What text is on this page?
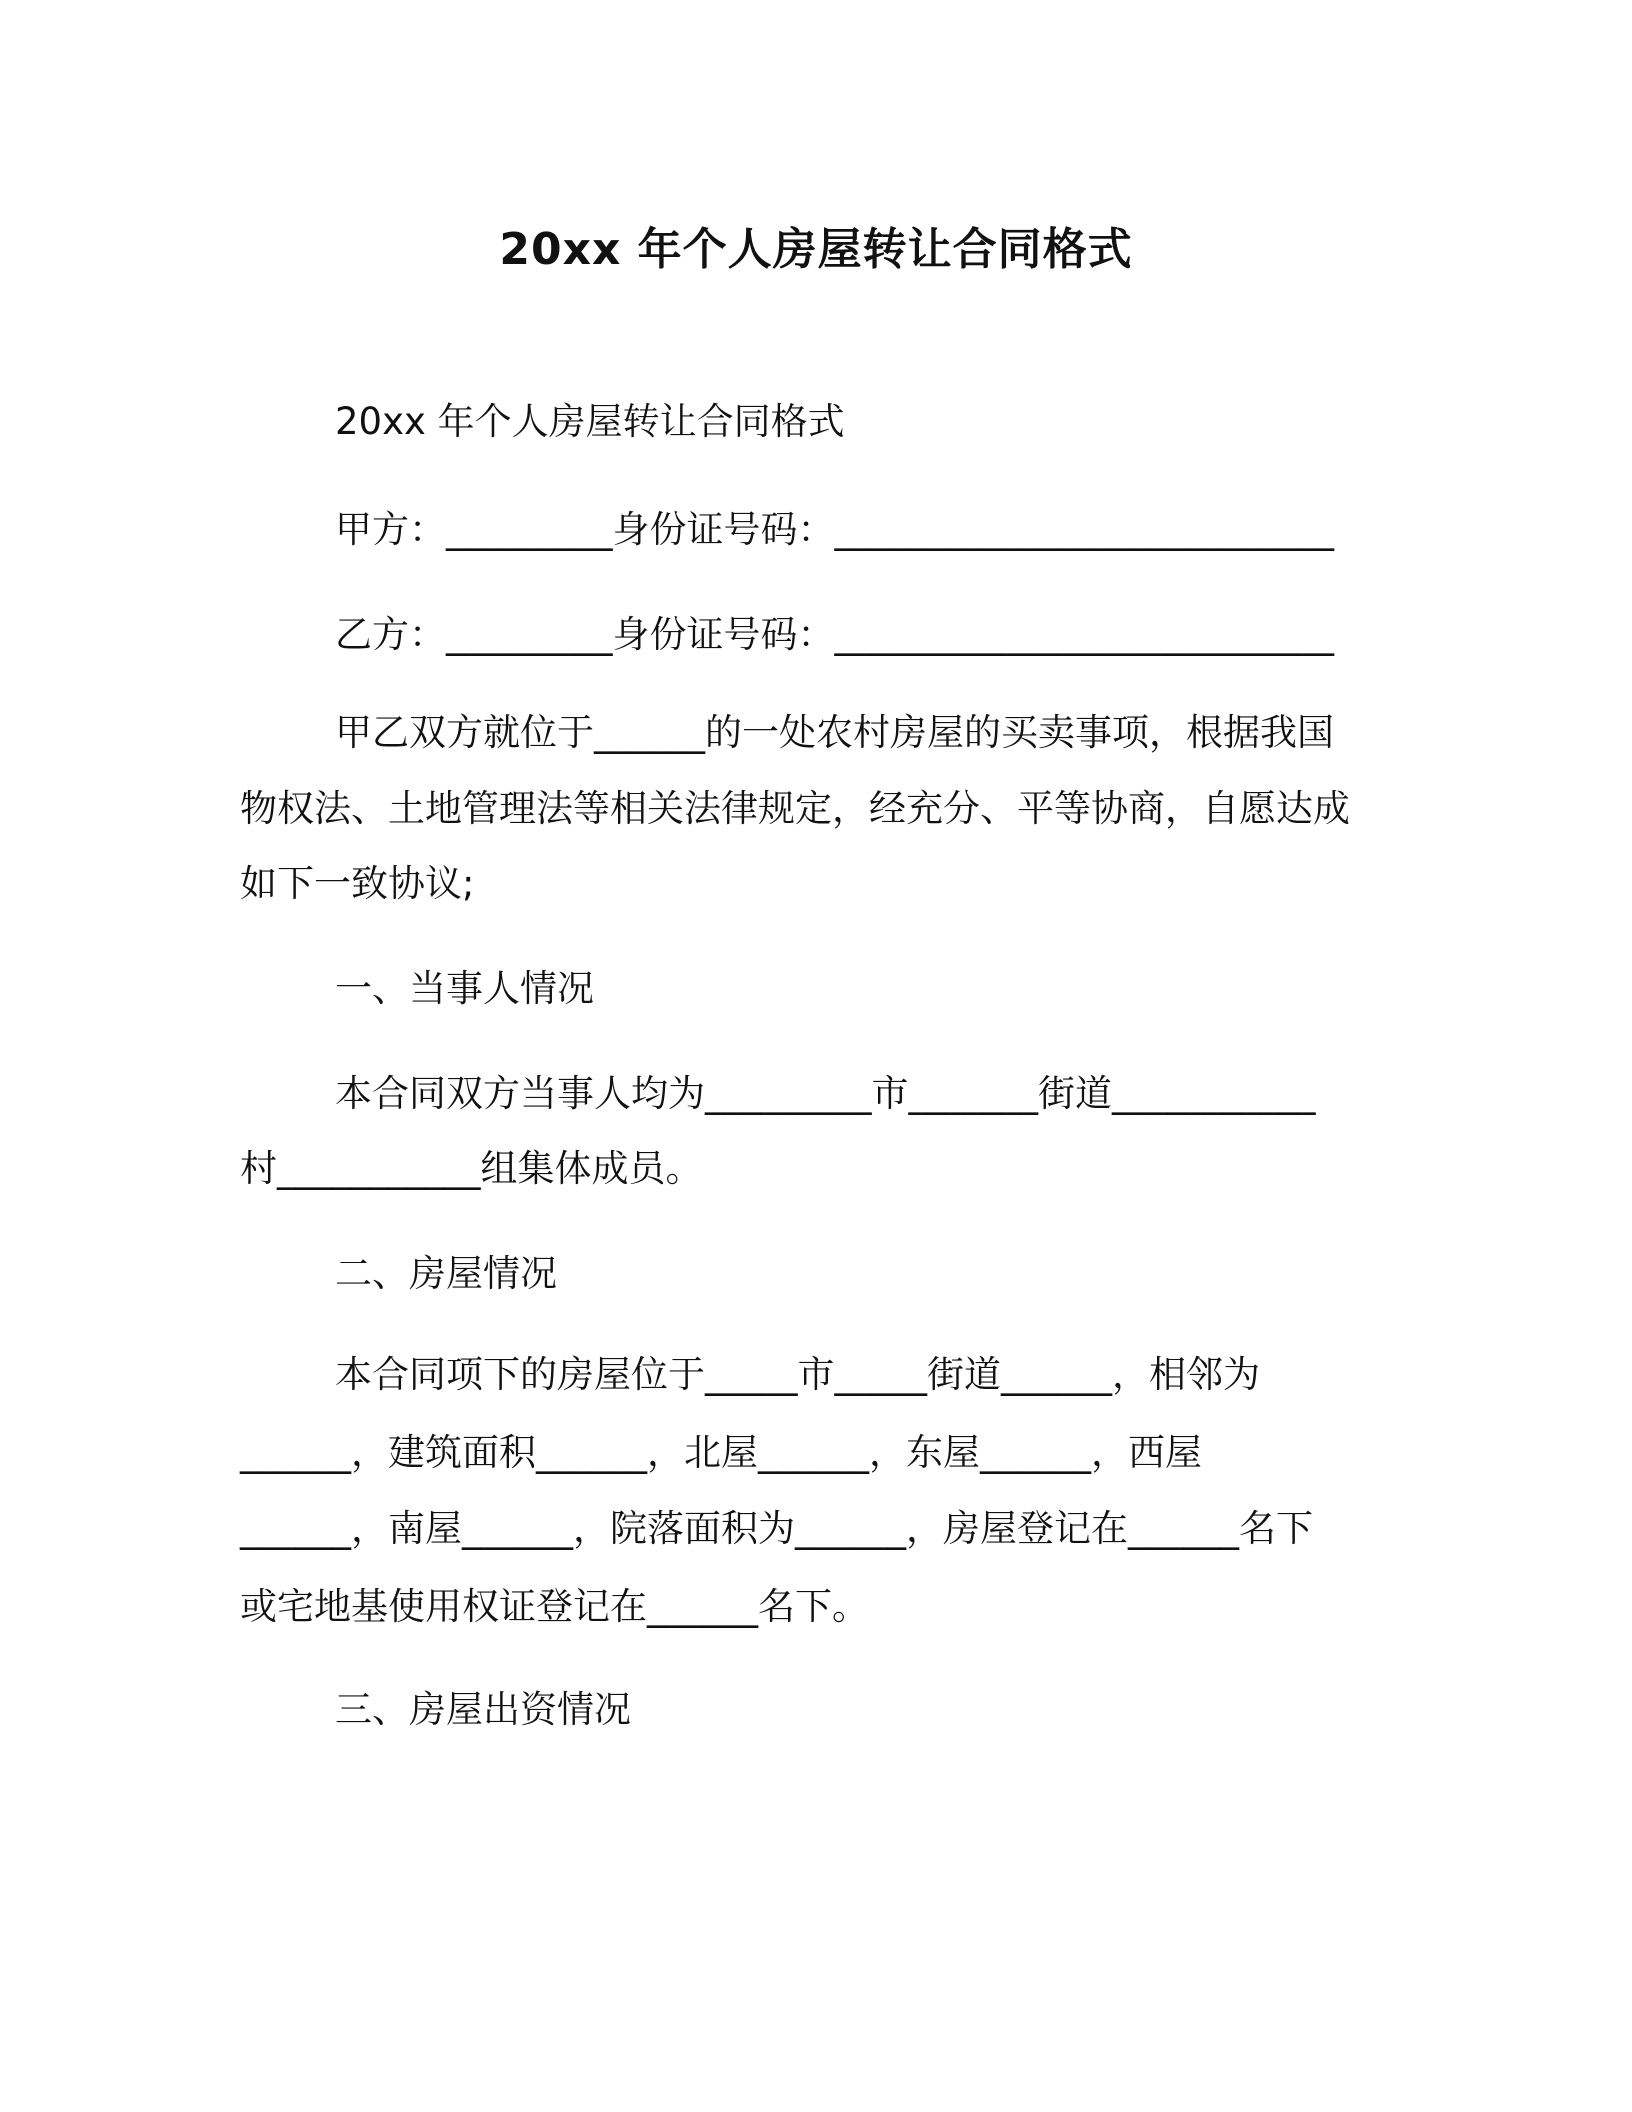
20xx 年个人房屋转让合同格式
20xx 年个人房屋转让合同格式
甲方：_________身份证号码：___________________________
乙方：_________身份证号码：___________________________
甲乙双方就位于______的一处农村房屋的买卖事项，根据我国
物权法、土地管理法等相关法律规定，经充分、平等协商，自愿达成
如下一致协议;
一、当事人情况
本合同双方当事人均为_________市_______街道___________
村___________组集体成员。
二、房屋情况
本合同项下的房屋位于_____市_____街道______，相邻为
______，建筑面积______，北屋______，东屋______，西屋
______，南屋______，院落面积为______，房屋登记在______名下
或宅地基使用权证登记在______名下。
三、房屋出资情况
